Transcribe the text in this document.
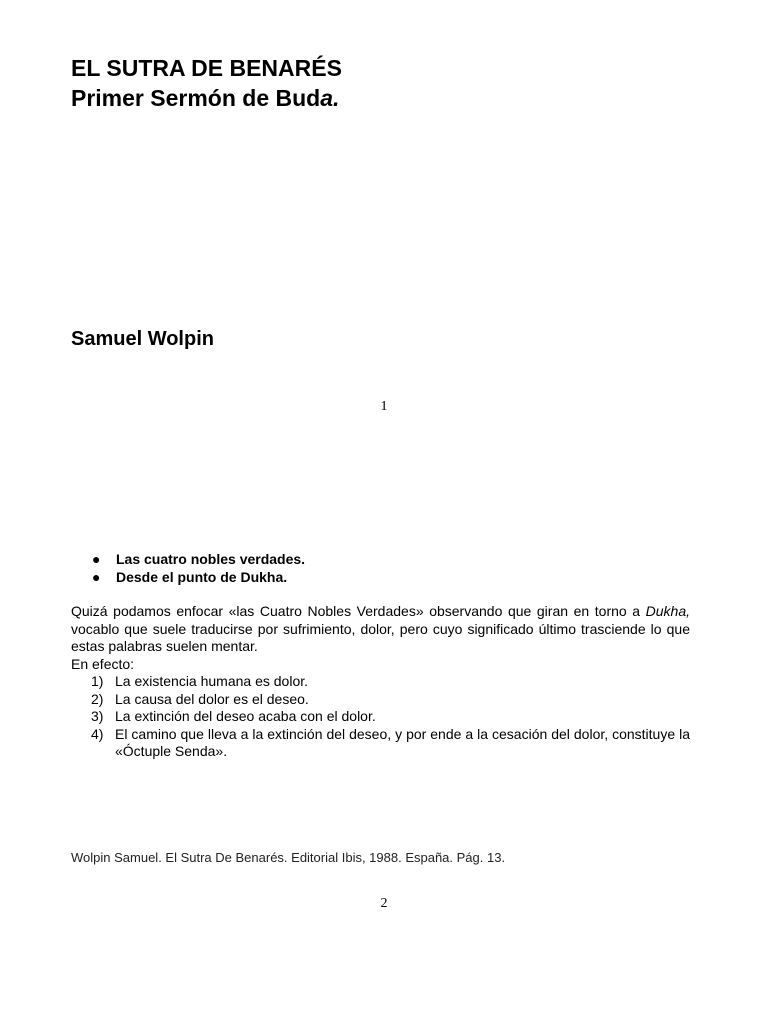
EL SUTRA DE BENARÉS
Primer Sermón de Buda.
Samuel Wolpin
1
● Las cuatro nobles verdades.
● Desde el punto de Dukha.

Quizá podamos enfocar «las Cuatro Nobles Verdades» observando que giran en torno a Dukha, vocablo que suele traducirse por sufrimiento, dolor, pero cuyo significado último trasciende lo que estas palabras suelen mentar.

En efecto:

1) La existencia humana es dolor.
2) La causa del dolor es el deseo.
3) La extinción del deseo acaba con el dolor.
4) El camino que lleva a la extinción del deseo, y por ende a la cesación del dolor, constituye la «Óctuple Senda».
Wolpin Samuel. El Sutra De Benarés. Editorial Ibis, 1988. España. Pág. 13.
2
